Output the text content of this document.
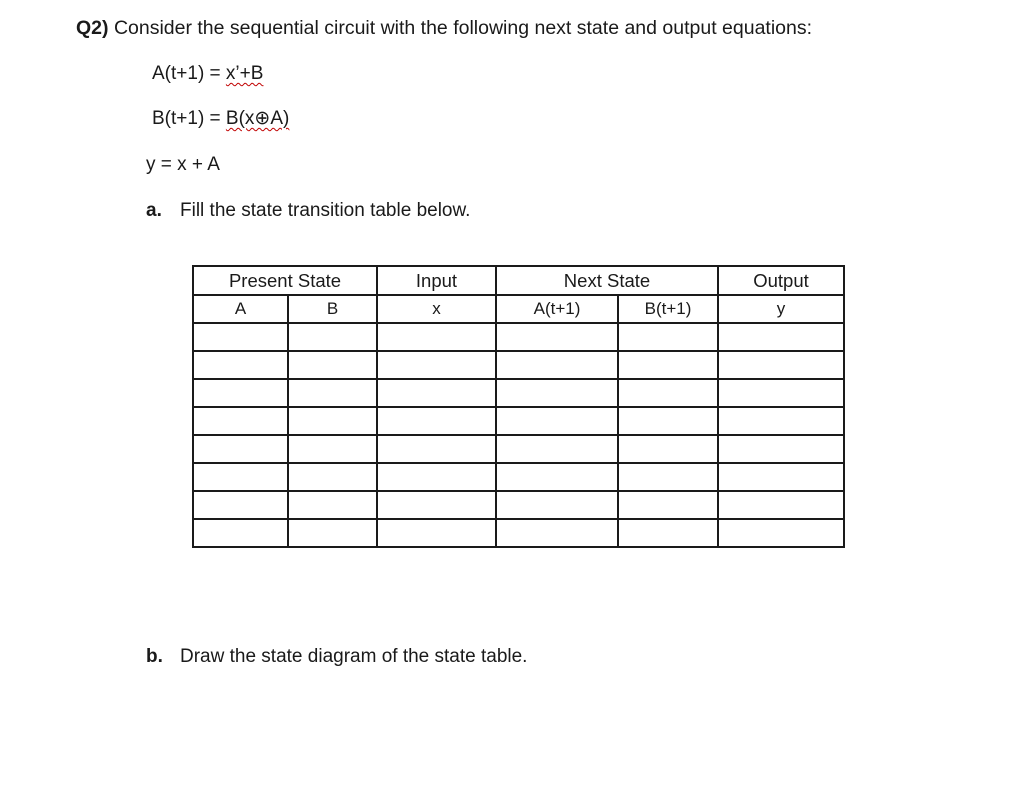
Q2) Consider the sequential circuit with the following next state and output equations:
A(t+1) = x’+B
B(t+1) = B(x⊕A)
y = x + A
a. Fill the state transition table below.
Present State		Input	Next State		Output
A	B	x	A(t+1)	B(t+1)	y

b. Draw the state diagram of the state table.
